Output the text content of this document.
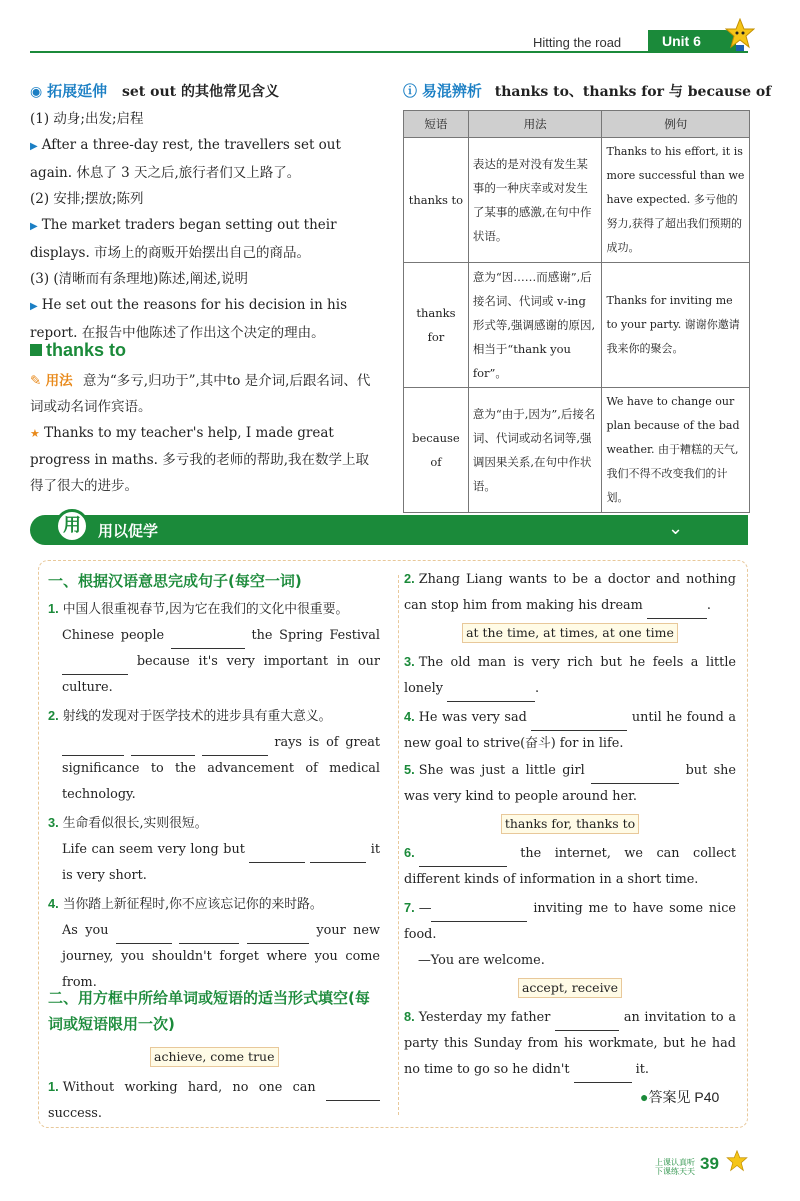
Hitting the road	Unit 6
◉ 拓展延伸 set out 的其他常见含义
(1) 动身;出发;启程
▶ After a three-day rest, the travellers set out again. 休息了 3 天之后,旅行者们又上路了。
(2) 安排;摆放;陈列
▶ The market traders began setting out their displays. 市场上的商贩开始摆出自己的商品。
(3) (清晰而有条理地)陈述,阐述,说明
▶ He set out the reasons for his decision in his report. 在报告中他陈述了作出这个决定的理由。
thanks to
✎ 用法 意为“多亏,归功于”,其中to 是介词,后跟名词、代词或动名词作宾语。
★ Thanks to my teacher's help, I made great progress in maths. 多亏我的老师的帮助,我在数学上取得了很大的进步。
ⓘ 易混辨析 thanks to、thanks for 与 because of
短语	用法	例句
thanks to	表达的是对没有发生某事的一种庆幸或对发生了某事的感激,在句中作状语。	Thanks to his effort, it is more successful than we have expected. 多亏他的努力,获得了超出我们预期的成功。
thanks for	意为“因……而感谢”,后接名词、代词或 v-ing 形式等,强调感谢的原因,相当于“thank you for”。	Thanks for inviting me to your party. 谢谢你邀请我来你的聚会。
because of	意为“由于,因为”,后接名词、代词或动名词等,强调因果关系,在句中作状语。	We have to change our plan because of the bad weather. 由于糟糕的天气,我们不得不改变我们的计划。
用	用以促学	⌄
一、根据汉语意思完成句子(每空一词)
1. 中国人很重视春节,因为它在我们的文化中很重要。
Chinese people	the Spring Festival  because it's very important in our culture.
2. 射线的发现对于医学技术的进步具有重大意义。
rays is of great significance to the advancement of medical technology.
3. 生命看似很长,实则很短。
Life can seem very long but	it is very short.
4. 当你踏上新征程时,你不应该忘记你的来时路。
As you	your new journey, you shouldn't forget where you come from.
二、用方框中所给单词或短语的适当形式填空(每词或短语限用一次)
achieve, come true
1. Without working hard, no one can  success.
2. Zhang Liang wants to be a doctor and nothing can stop him from making his dream	.
at the time, at times, at one time
3. The old man is very rich but he feels a little lonely	.
4. He was very sad	until he found a new goal to strive(奋斗) for in life.
5. She was just a little girl	but she was very kind to people around her.
thanks for, thanks to
6.	the internet, we can collect different kinds of information in a short time.
7. —	inviting me to have some nice food.
—You are welcome.
accept, receive
8. Yesterday my father	an invitation to a party this Sunday from his workmate, but he had no time to go so he didn't	it.
●答案见 P40
上课认真听 下课练天天 39
